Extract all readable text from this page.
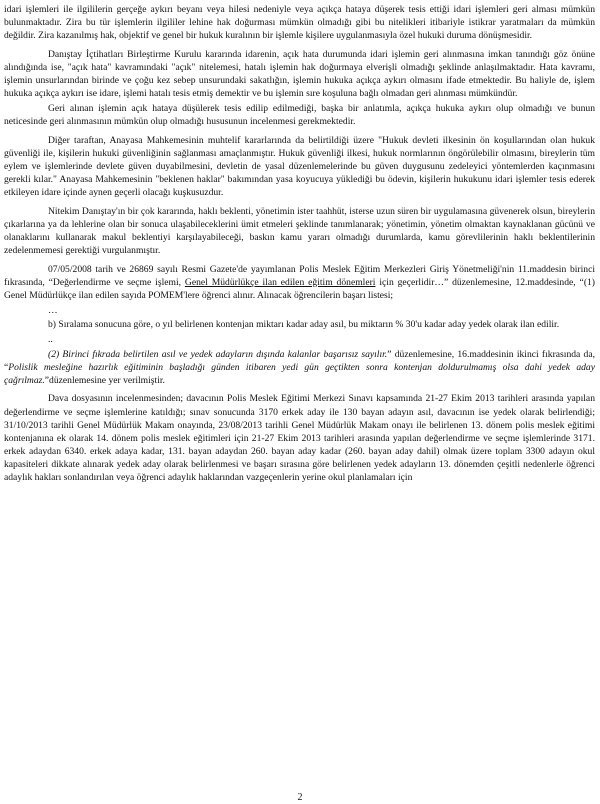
idari işlemleri ile ilgililerin gerçeğe aykırı beyanı veya hilesi nedeniyle veya açıkça hataya düşerek tesis ettiği idari işlemleri geri alması mümkün bulunmaktadır. Zira bu tür işlemlerin ilgililer lehine hak doğurması mümkün olmadığı gibi bu nitelikleri itibariyle istikrar yaratmaları da mümkün değildir. Zira kazanılmış hak, objektif ve genel bir hukuk kuralının bir işlemle kişilere uygulanmasıyla özel hukuki duruma dönüşmesidir.

Danıştay İçtihatları Birleştirme Kurulu kararında idarenin, açık hata durumunda idari işlemin geri alınmasına imkan tanındığı göz önüne alındığında ise, "açık hata" kavramındaki "açık" nitelemesi, hatalı işlemin hak doğurmaya elverişli olmadığı şeklinde anlaşılmaktadır. Hata kavramı, işlemin unsurlarından birinde ve çoğu kez sebep unsurundaki sakatlığın, işlemin hukuka açıkça aykırı olmasını ifade etmektedir. Bu haliyle de, işlem hukuka açıkça aykırı ise idare, işlemi hatalı tesis etmiş demektir ve bu işlemin sıre koşuluna bağlı olmadan geri alınması mümkündür.

Geri alınan işlemin açık hataya düşülerek tesis edilip edilmediği, başka bir anlatımla, açıkça hukuka aykırı olup olmadığı ve bunun neticesinde geri alınmasının mümkün olup olmadığı hususunun incelenmesi gerekmektedir.

Diğer taraftan, Anayasa Mahkemesinin muhtelif kararlarında da belirtildiği üzere "Hukuk devleti ilkesinin ön koşullarından olan hukuk güvenliği ile, kişilerin hukuki güvenliğinin sağlanması amaçlanmıştır. Hukuk güvenliği ilkesi, hukuk normlarının öngörülebilir olmasını, bireylerin tüm eylem ve işlemlerinde devlete güven duyabilmesini, devletin de yasal düzenlemelerinde bu güven duygusunu zedeleyici yöntemlerden kaçınmasını gerekli kılar." Anayasa Mahkemesinin "beklenen haklar" bakımından yasa koyucuya yüklediği bu ödevin, kişilerin hukukunu idari işlemler tesis ederek etkileyen idare içinde aynen geçerli olacağı kuşkusuzdur.

Nitekim Danıştay'ın bir çok kararında, haklı beklenti, yönetimin ister taahhüt, isterse uzun süren bir uygulamasına güvenerek olsun, bireylerin çıkarlarına ya da lehlerine olan bir sonuca ulaşabileceklerini ümit etmeleri şeklinde tanımlanarak; yönetimin, yönetim olmaktan kaynaklanan gücünü ve olanaklarını kullanarak makul beklentiyi karşılayabileceği, baskın kamu yararı olmadığı durumlarda, kamu görevlilerinin haklı beklentilerinin zedelenmemesi gerektiği vurgulanmıştır.

07/05/2008 tarih ve 26869 sayılı Resmi Gazete'de yayımlanan Polis Meslek Eğitim Merkezleri Giriş Yönetmeliği'nin 11.maddesin birinci fıkrasında, “Değerlendirme ve seçme işlemi, Genel Müdürlükçe ilan edilen eğitim dönemleri için geçerlidir…” düzenlemesine, 12.maddesinde, “(1) Genel Müdürlükçe ilan edilen sayıda POMEM'lere öğrenci alınır. Alınacak öğrencilerin başarı listesi;

…

b) Sıralama sonucuna göre, o yıl belirlenen kontenjan miktarı kadar aday asıl, bu miktarın % 30'u kadar aday yedek olarak ilan edilir.

..

(2) Birinci fıkrada belirtilen asıl ve yedek adayların dışında kalanlar başarısız sayılır.” düzenlemesine, 16.maddesinin ikinci fıkrasında da, “Polislik mesleğine hazırlık eğitiminin başladığı günden itibaren yedi gün geçtikten sonra kontenjan doldurulmamış olsa dahi yedek aday çağrılmaz.”düzenlemesine yer verilmiştir.

Dava dosyasının incelenmesinden; davacının Polis Meslek Eğitimi Merkezi Sınavı kapsamında 21-27 Ekim 2013 tarihleri arasında yapılan değerlendirme ve seçme işlemlerine katıldığı; sınav sonucunda 3170 erkek aday ile 130 bayan adayın asıl, davacının ise yedek olarak belirlendiği; 31/10/2013 tarihli Genel Müdürlük Makam onayında, 23/08/2013 tarihli Genel Müdürlük Makam onayı ile belirlenen 13. dönem polis meslek eğitimi kontenjanına ek olarak 14. dönem polis meslek eğitimleri için 21-27 Ekim 2013 tarihleri arasında yapılan değerlendirme ve seçme işlemlerinde 3171. erkek adaydan 6340. erkek adaya kadar, 131. bayan adaydan 260. bayan aday kadar (260. bayan aday dahil) olmak üzere toplam 3300 adayın okul kapasiteleri dikkate alınarak yedek aday olarak belirlenmesi ve başarı sırasına göre belirlenen yedek adayların 13. dönemden çeşitli nedenlerle öğrenci adaylık hakları sonlandırılan veya öğrenci adaylık haklarından vazgeçenlerin yerine okul planlamaları için

2
